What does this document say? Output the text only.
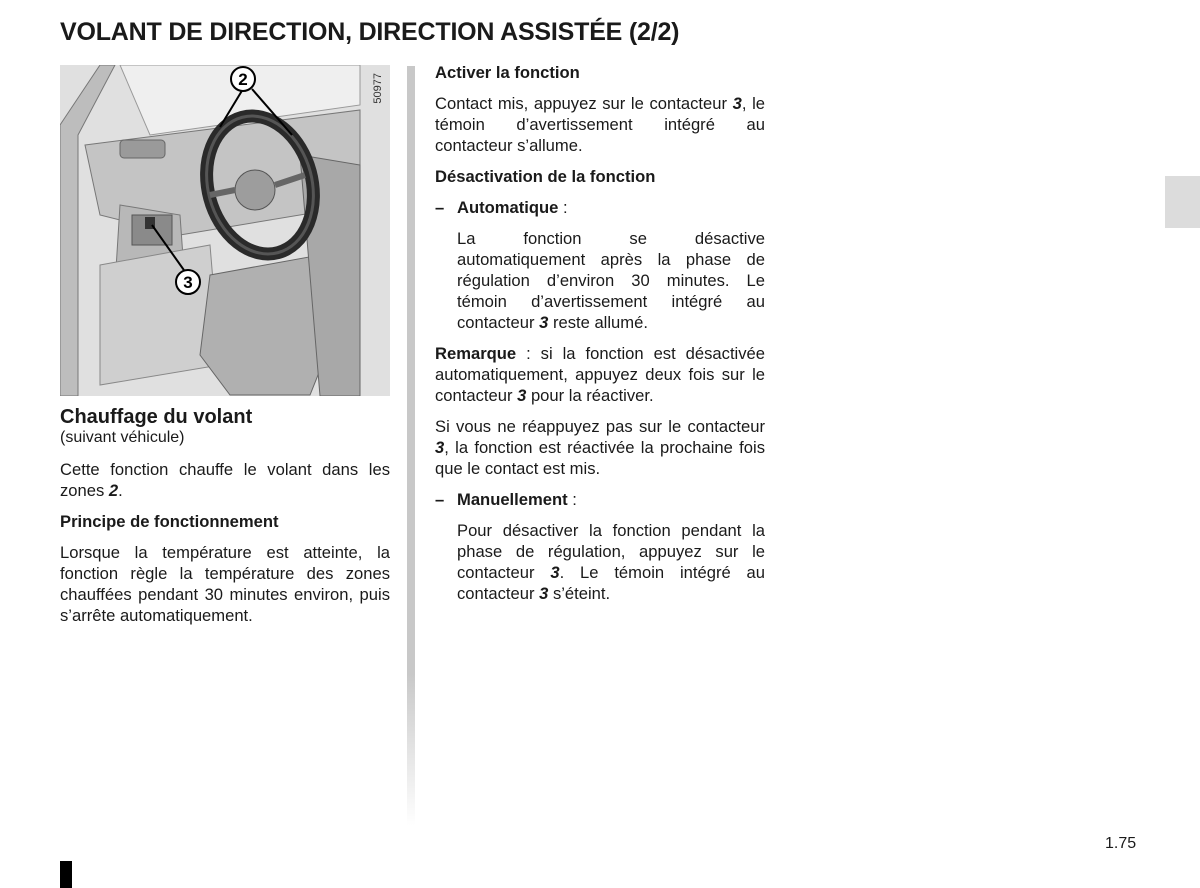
VOLANT DE DIRECTION, DIRECTION ASSISTÉE (2/2)
2
3
50977
Chauffage du volant
(suivant véhicule)

Cette fonction chauffe le volant dans les zones 2.

Principe de fonctionnement

Lorsque la température est atteinte, la fonction règle la température des zones chauffées pendant 30 minutes environ, puis s’arrête automatiquement.

Activer la fonction

Contact mis, appuyez sur le contacteur 3, le témoin d’avertissement intégré au contacteur s’allume.

Désactivation de la fonction

– Automatique :

La fonction se désactive automatiquement après la phase de régulation d’environ 30 minutes. Le témoin d’avertissement intégré au contacteur 3 reste allumé.

Remarque : si la fonction est désactivée automatiquement, appuyez deux fois sur le contacteur 3 pour la réactiver.

Si vous ne réappuyez pas sur le contacteur 3, la fonction est réactivée la prochaine fois que le contact est mis.

– Manuellement :

Pour désactiver la fonction pendant la phase de régulation, appuyez sur le contacteur 3. Le témoin intégré au contacteur 3 s’éteint.

1.75
